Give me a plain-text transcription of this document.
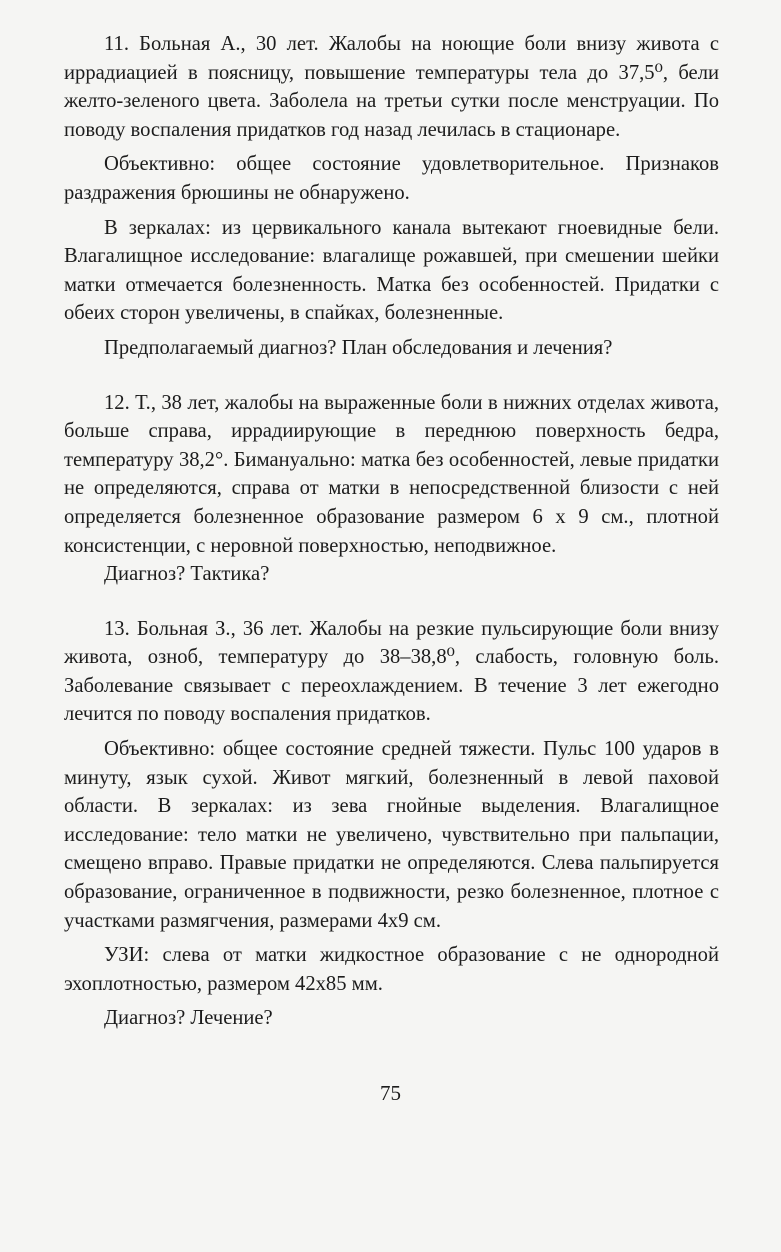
11. Больная А., 30 лет. Жалобы на ноющие боли внизу живота с иррадиацией в поясницу, повышение температуры тела до 37,5⁰, бели желто-зеленого цвета. Заболела на третьи сутки после менструации. По поводу воспаления придатков год назад лечилась в стационаре.

Объективно: общее состояние удовлетворительное. Признаков раздражения брюшины не обнаружено.

В зеркалах: из цервикального канала вытекают гноевидные бели. Влагалищное исследование: влагалище рожавшей, при смешении шейки матки отмечается болезненность. Матка без особенностей. Придатки с обеих сторон увеличены, в спайках, болезненные.

Предполагаемый диагноз? План обследования и лечения?

12. Т., 38 лет, жалобы на выраженные боли в нижних отделах живота, больше справа, иррадиирующие в переднюю поверхность бедра, температуру 38,2°. Бимануально: матка без особенностей, левые придатки не определяются, справа от матки в непосредственной близости с ней определяется болезненное образование размером 6 х 9 см., плотной консистенции, с неровной поверхностью, неподвижное.

Диагноз? Тактика?

13. Больная З., 36 лет. Жалобы на резкие пульсирующие боли внизу живота, озноб, температуру до 38–38,8⁰, слабость, головную боль. Заболевание связывает с переохлаждением. В течение 3 лет ежегодно лечится по поводу воспаления придатков.

Объективно: общее состояние средней тяжести. Пульс 100 ударов в минуту, язык сухой. Живот мягкий, болезненный в левой паховой области. В зеркалах: из зева гнойные выделения. Влагалищное исследование: тело матки не увеличено, чувствительно при пальпации, смещено вправо. Правые придатки не определяются. Слева пальпируется образование, ограниченное в подвижности, резко болезненное, плотное с участками размягчения, размерами 4х9 см.

УЗИ: слева от матки жидкостное образование с не однородной эхоплотностью, размером 42х85 мм.

Диагноз? Лечение?

75
